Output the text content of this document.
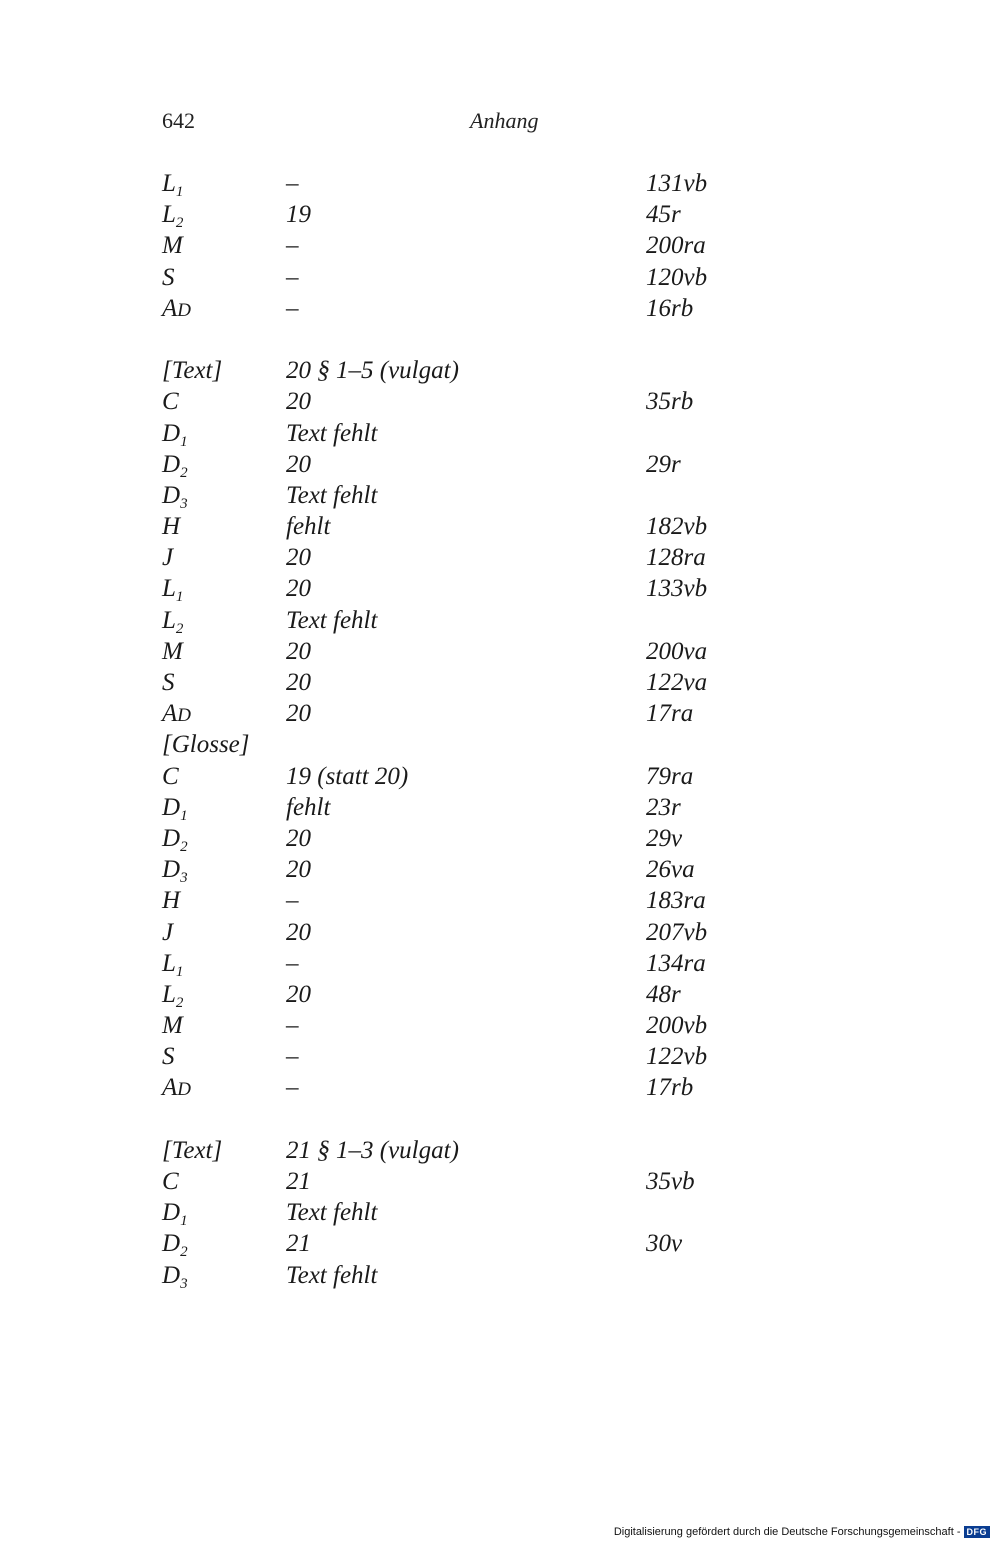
642	Anhang
$L_1$	–	131vb
$L_2$	19	45r
M	–	200ra
S	–	120vb
AD	–	16rb
[Text]	20 § 1–5 (vulgat)
C	20	35rb
$D_1$	Text fehlt
$D_2$	20	29r
$D_3$	Text fehlt
H	fehlt	182vb
J	20	128ra
$L_1$	20	133vb
$L_2$	Text fehlt
M	20	200va
S	20	122va
AD	20	17ra
[Glosse]
C	19 (statt 20)	79ra
$D_1$	fehlt	23r
$D_2$	20	29v
$D_3$	20	26va
H	–	183ra
J	20	207vb
$L_1$	–	134ra
$L_2$	20	48r
M	–	200vb
S	–	122vb
AD	–	17rb
[Text]	21 § 1–3 (vulgat)
C	21	35vb
$D_1$	Text fehlt
$D_2$	21	30v
$D_3$	Text fehlt
Digitalisierung gefördert durch die Deutsche Forschungsgemeinschaft - DFG
